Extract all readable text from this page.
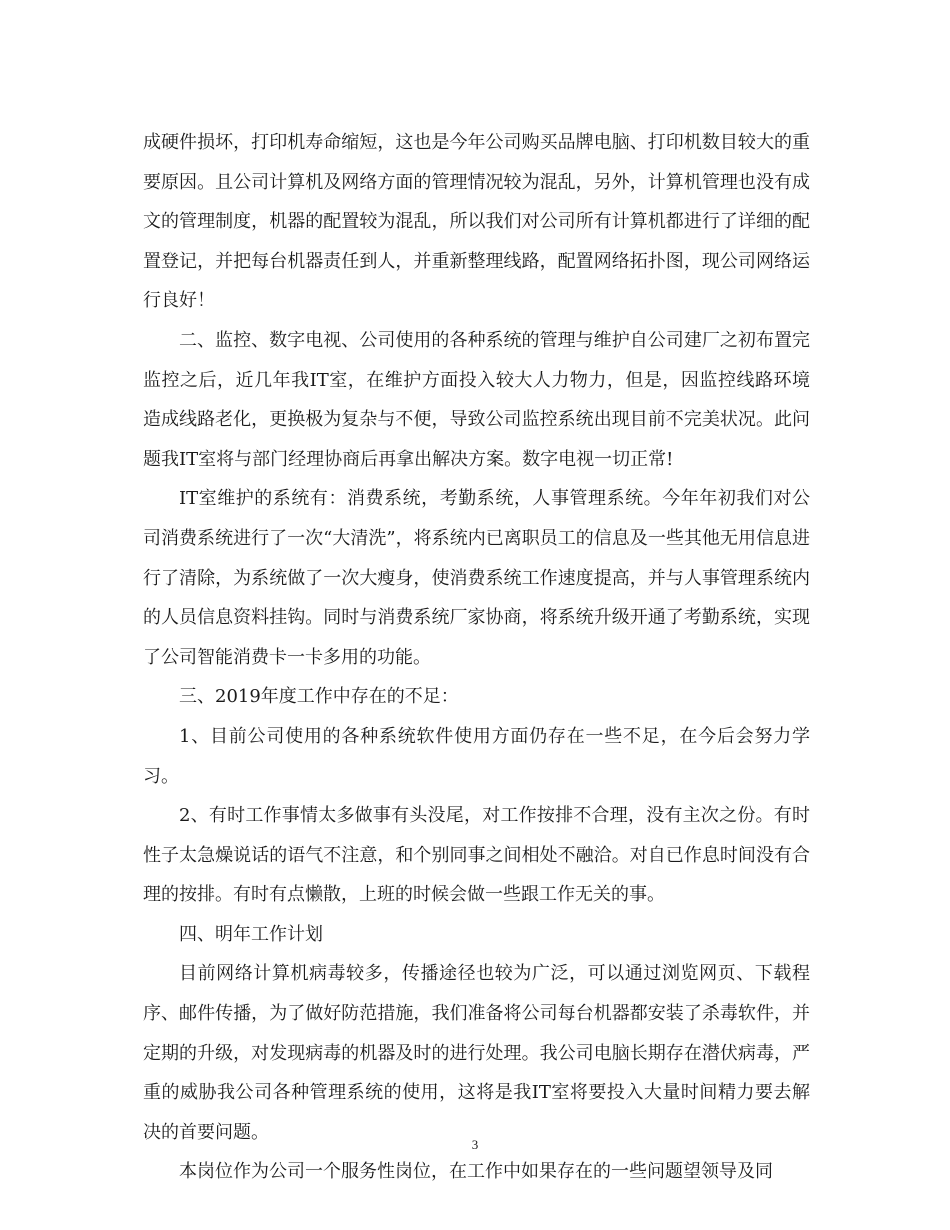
成硬件损坏，打印机寿命缩短，这也是今年公司购买品牌电脑、打印机数目较大的重要原因。且公司计算机及网络方面的管理情况较为混乱，另外，计算机管理也没有成文的管理制度，机器的配置较为混乱，所以我们对公司所有计算机都进行了详细的配置登记，并把每台机器责任到人，并重新整理线路，配置网络拓扑图，现公司网络运行良好！

二、监控、数字电视、公司使用的各种系统的管理与维护自公司建厂之初布置完监控之后，近几年我IT室，在维护方面投入较大人力物力，但是，因监控线路环境造成线路老化，更换极为复杂与不便，导致公司监控系统出现目前不完美状况。此问题我IT室将与部门经理协商后再拿出解决方案。数字电视一切正常!

IT室维护的系统有：消费系统，考勤系统，人事管理系统。今年年初我们对公司消费系统进行了一次“大清洗”，将系统内已离职员工的信息及一些其他无用信息进行了清除，为系统做了一次大瘦身，使消费系统工作速度提高，并与人事管理系统内的人员信息资料挂钩。同时与消费系统厂家协商，将系统升级开通了考勤系统，实现了公司智能消费卡一卡多用的功能。

三、2019年度工作中存在的不足：

1、目前公司使用的各种系统软件使用方面仍存在一些不足，在今后会努力学习。

2、有时工作事情太多做事有头没尾，对工作按排不合理，没有主次之份。有时性子太急燥说话的语气不注意，和个别同事之间相处不融洽。对自已作息时间没有合理的按排。有时有点懒散，上班的时候会做一些跟工作无关的事。

四、明年工作计划

目前网络计算机病毒较多，传播途径也较为广泛，可以通过浏览网页、下载程序、邮件传播，为了做好防范措施，我们准备将公司每台机器都安装了杀毒软件，并定期的升级，对发现病毒的机器及时的进行处理。我公司电脑长期存在潜伏病毒，严重的威胁我公司各种管理系统的使用，这将是我IT室将要投入大量时间精力要去解决的首要问题。

本岗位作为公司一个服务性岗位，在工作中如果存在的一些问题望领导及同

3
